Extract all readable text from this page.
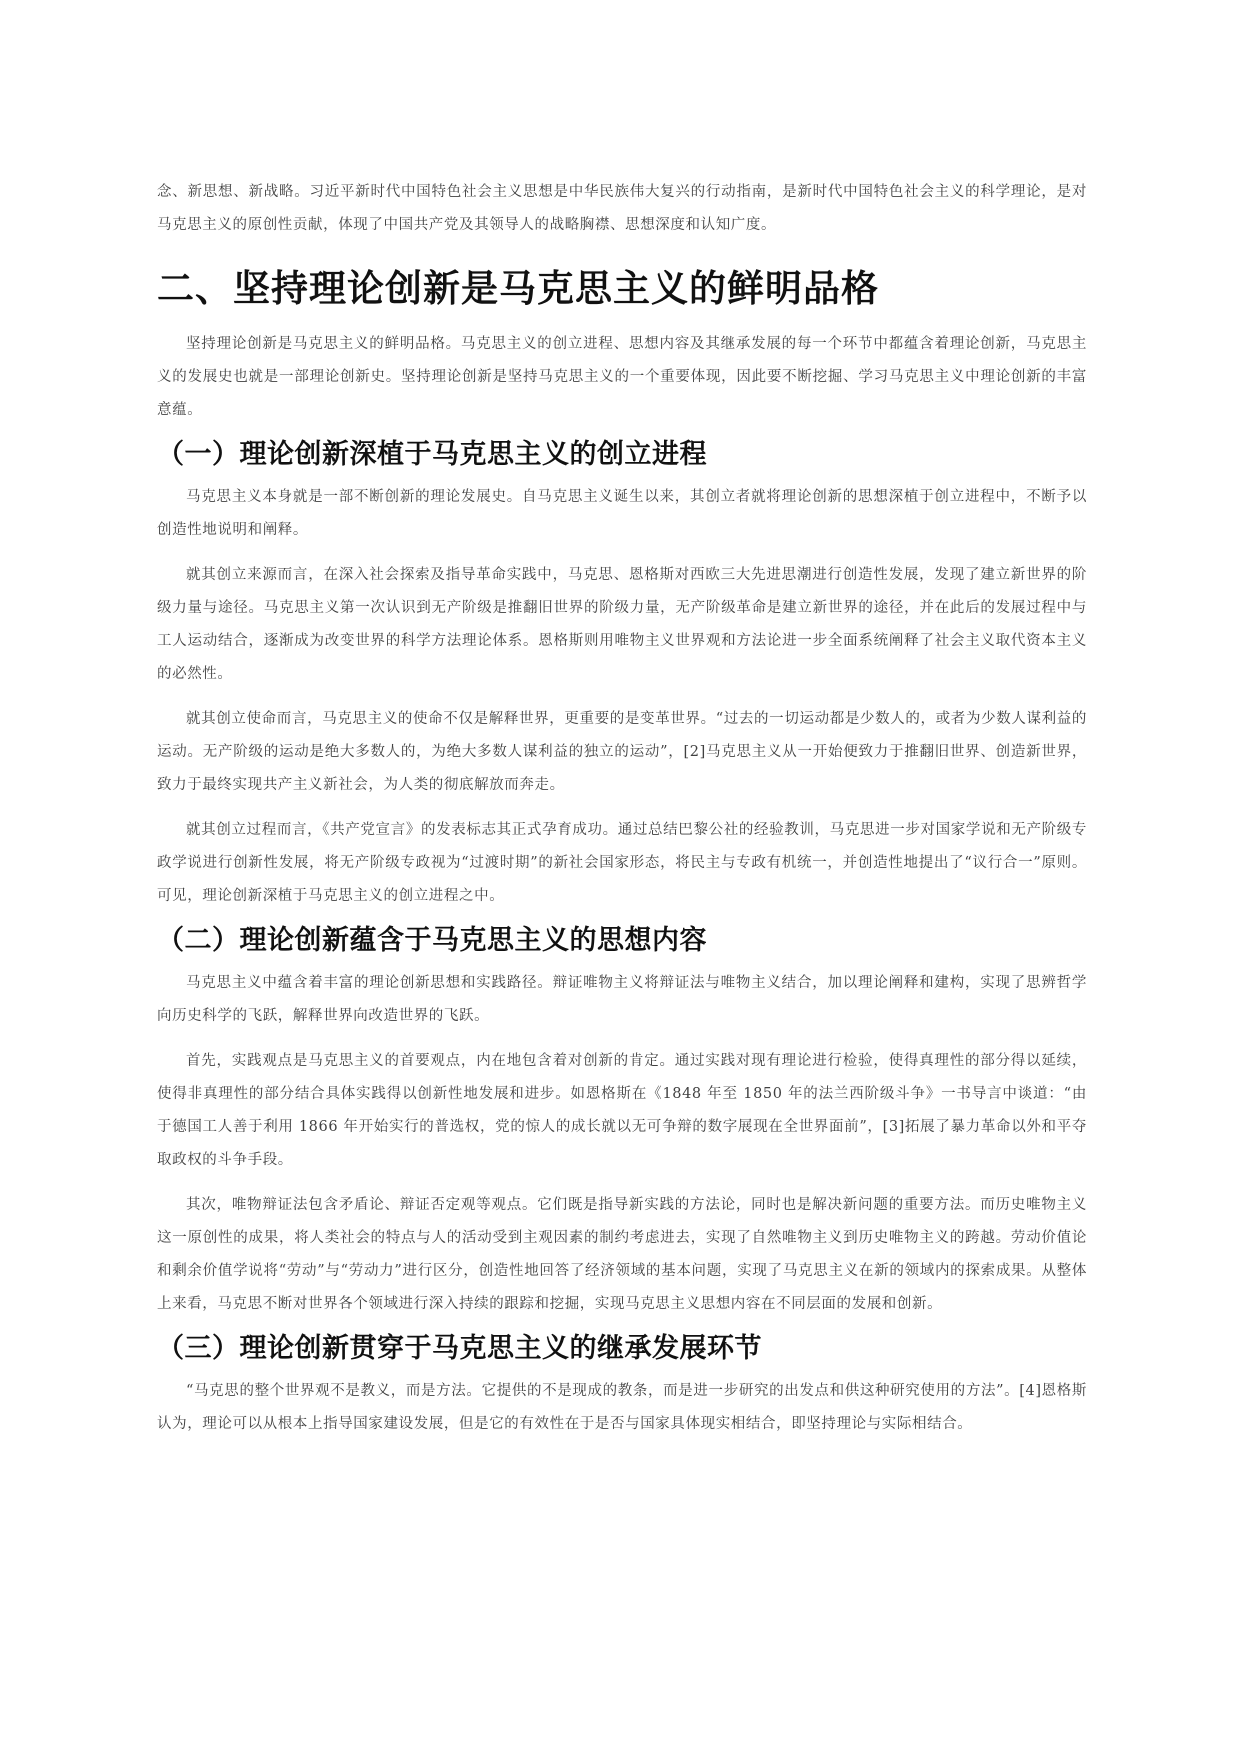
念、新思想、新战略。习近平新时代中国特色社会主义思想是中华民族伟大复兴的行动指南，是新时代中国特色社会主义的科学理论，是对马克思主义的原创性贡献，体现了中国共产党及其领导人的战略胸襟、思想深度和认知广度。

二、坚持理论创新是马克思主义的鲜明品格

坚持理论创新是马克思主义的鲜明品格。马克思主义的创立进程、思想内容及其继承发展的每一个环节中都蕴含着理论创新，马克思主义的发展史也就是一部理论创新史。坚持理论创新是坚持马克思主义的一个重要体现，因此要不断挖掘、学习马克思主义中理论创新的丰富意蕴。

（一）理论创新深植于马克思主义的创立进程

马克思主义本身就是一部不断创新的理论发展史。自马克思主义诞生以来，其创立者就将理论创新的思想深植于创立进程中，不断予以创造性地说明和阐释。

就其创立来源而言，在深入社会探索及指导革命实践中，马克思、恩格斯对西欧三大先进思潮进行创造性发展，发现了建立新世界的阶级力量与途径。马克思主义第一次认识到无产阶级是推翻旧世界的阶级力量，无产阶级革命是建立新世界的途径，并在此后的发展过程中与工人运动结合，逐渐成为改变世界的科学方法理论体系。恩格斯则用唯物主义世界观和方法论进一步全面系统阐释了社会主义取代资本主义的必然性。

就其创立使命而言，马克思主义的使命不仅是解释世界，更重要的是变革世界。“过去的一切运动都是少数人的，或者为少数人谋利益的运动。无产阶级的运动是绝大多数人的，为绝大多数人谋利益的独立的运动”，[2]马克思主义从一开始便致力于推翻旧世界、创造新世界，致力于最终实现共产主义新社会，为人类的彻底解放而奔走。

就其创立过程而言，《共产党宣言》的发表标志其正式孕育成功。通过总结巴黎公社的经验教训，马克思进一步对国家学说和无产阶级专政学说进行创新性发展，将无产阶级专政视为“过渡时期”的新社会国家形态，将民主与专政有机统一，并创造性地提出了“议行合一”原则。可见，理论创新深植于马克思主义的创立进程之中。

（二）理论创新蕴含于马克思主义的思想内容

马克思主义中蕴含着丰富的理论创新思想和实践路径。辩证唯物主义将辩证法与唯物主义结合，加以理论阐释和建构，实现了思辨哲学向历史科学的飞跃，解释世界向改造世界的飞跃。

首先，实践观点是马克思主义的首要观点，内在地包含着对创新的肯定。通过实践对现有理论进行检验，使得真理性的部分得以延续，使得非真理性的部分结合具体实践得以创新性地发展和进步。如恩格斯在《1848 年至 1850 年的法兰西阶级斗争》一书导言中谈道：“由于德国工人善于利用 1866 年开始实行的普选权，党的惊人的成长就以无可争辩的数字展现在全世界面前”，[3]拓展了暴力革命以外和平夺取政权的斗争手段。

其次，唯物辩证法包含矛盾论、辩证否定观等观点。它们既是指导新实践的方法论，同时也是解决新问题的重要方法。而历史唯物主义这一原创性的成果，将人类社会的特点与人的活动受到主观因素的制约考虑进去，实现了自然唯物主义到历史唯物主义的跨越。劳动价值论和剩余价值学说将“劳动”与“劳动力”进行区分，创造性地回答了经济领域的基本问题，实现了马克思主义在新的领域内的探索成果。从整体上来看，马克思不断对世界各个领域进行深入持续的跟踪和挖掘，实现马克思主义思想内容在不同层面的发展和创新。

（三）理论创新贯穿于马克思主义的继承发展环节

“马克思的整个世界观不是教义，而是方法。它提供的不是现成的教条，而是进一步研究的出发点和供这种研究使用的方法”。[4]恩格斯认为，理论可以从根本上指导国家建设发展，但是它的有效性在于是否与国家具体现实相结合，即坚持理论与实际相结合。
